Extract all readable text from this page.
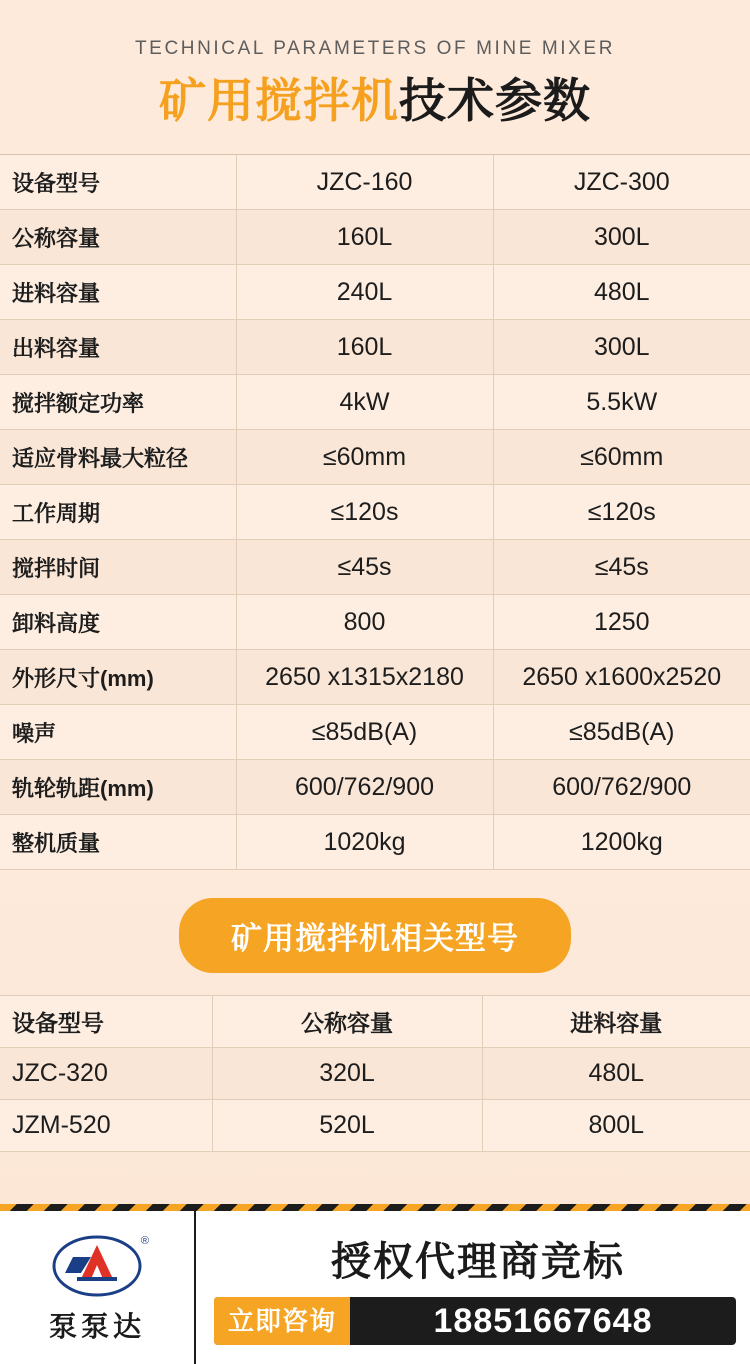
TECHNICAL PARAMETERS OF MINE MIXER
矿用搅拌机技术参数
设备型号	JZC-160	JZC-300
公称容量	160L	300L
进料容量	240L	480L
出料容量	160L	300L
搅拌额定功率	4kW	5.5kW
适应骨料最大粒径	≤60mm	≤60mm
工作周期	≤120s	≤120s
搅拌时间	≤45s	≤45s
卸料高度	800	1250
外形尺寸(mm)	2650 x1315x2180	2650 x1600x2520
噪声	≤85dB(A)	≤85dB(A)
轨轮轨距(mm)	600/762/900	600/762/900
整机质量	1020kg	1200kg
矿用搅拌机相关型号
设备型号	公称容量	进料容量
JZC-320	320L	480L
JZM-520	520L	800L
®
泵泵达
授权代理商竞标
立即咨询	18851667648
